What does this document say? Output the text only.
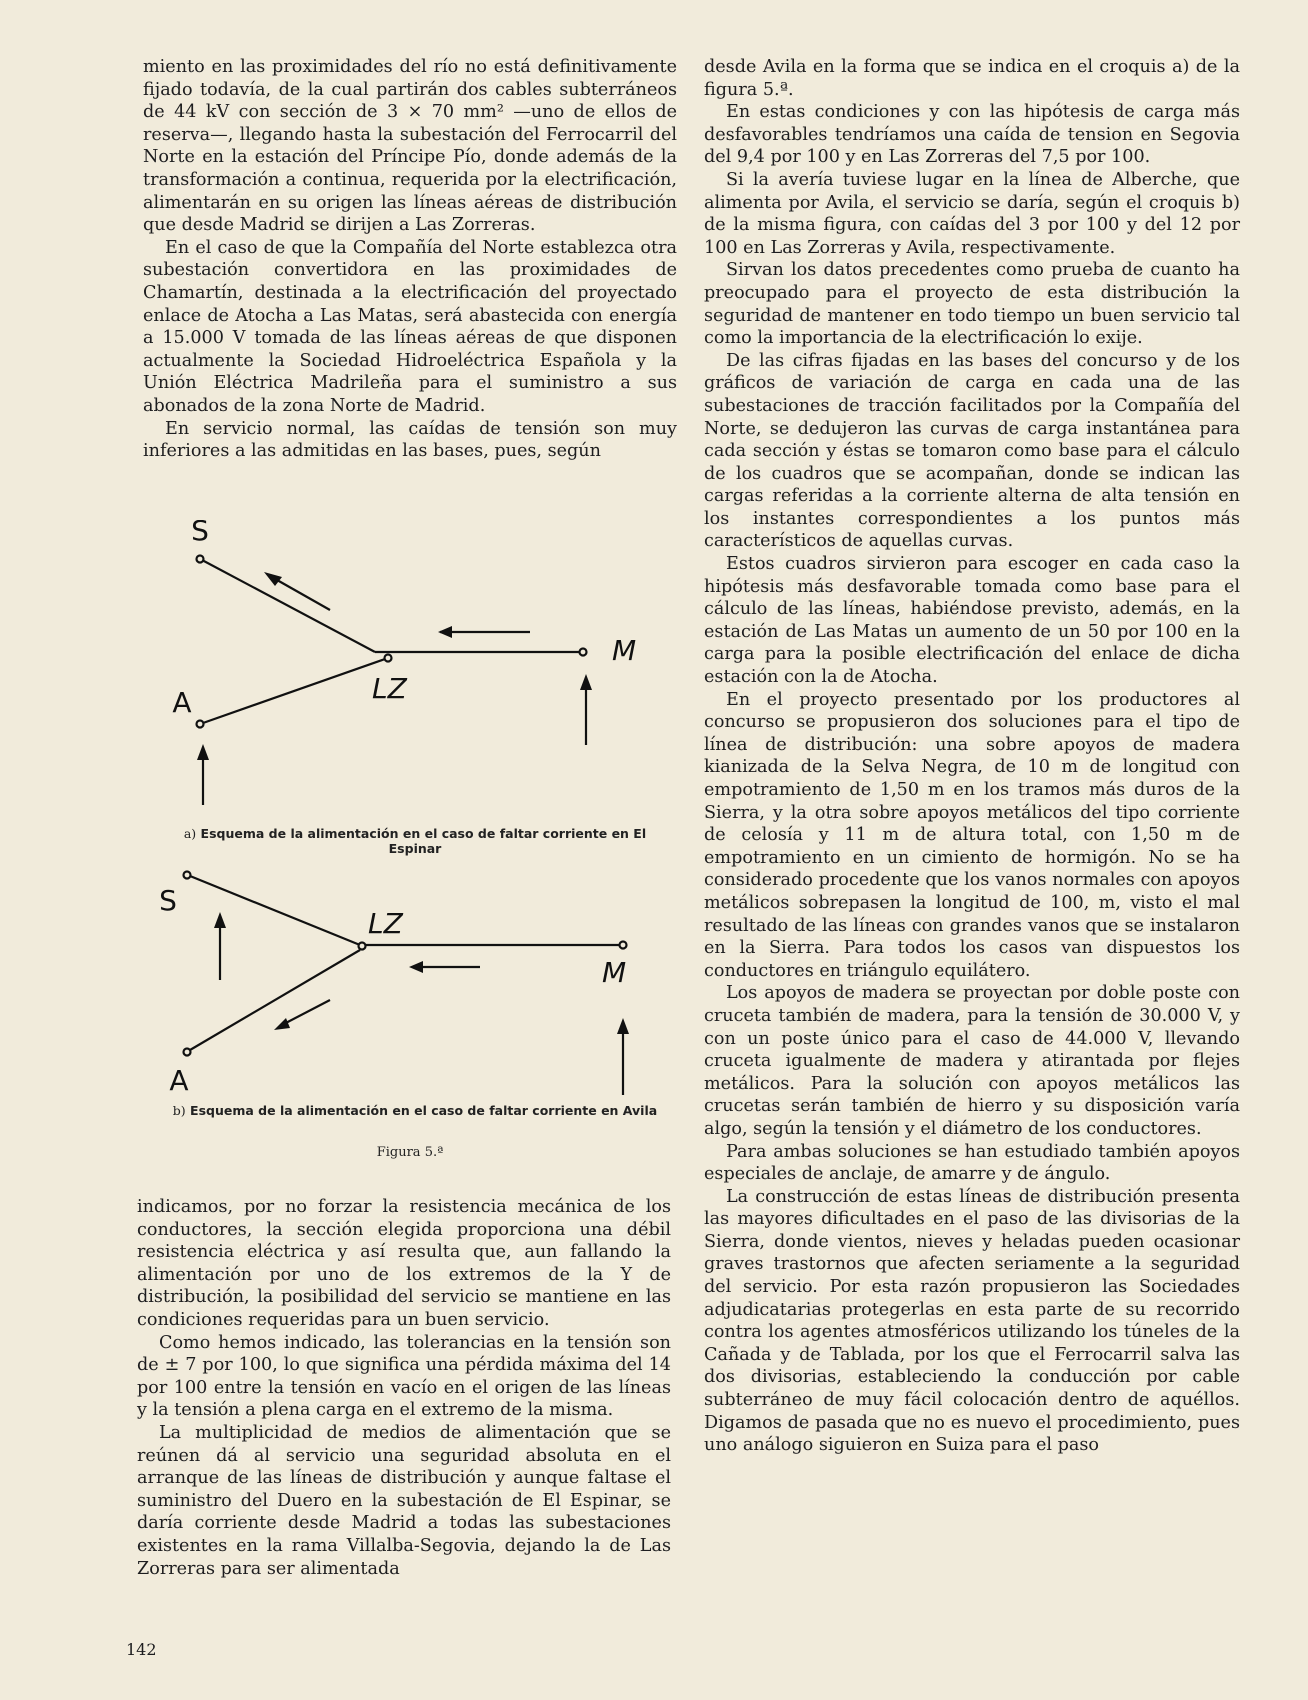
miento en las proximidades del río no está definitivamente fijado todavía, de la cual partirán dos cables subterráneos de 44 kV con sección de 3 × 70 mm² —uno de ellos de reserva—, llegando hasta la subestación del Ferrocarril del Norte en la estación del Príncipe Pío, donde además de la transformación a continua, requerida por la electrificación, alimentarán en su origen las líneas aéreas de distribución que desde Madrid se dirijen a Las Zorreras.

En el caso de que la Compañía del Norte establezca otra subestación convertidora en las proximidades de Chamartín, destinada a la electrificación del proyectado enlace de Atocha a Las Matas, será abastecida con energía a 15.000 V tomada de las líneas aéreas de que disponen actualmente la Sociedad Hidroeléctrica Española y la Unión Eléctrica Madrileña para el suministro a sus abonados de la zona Norte de Madrid.

En servicio normal, las caídas de tensión son muy inferiores a las admitidas en las bases, pues, según

S
M
A	LZ
S
M
A
LZ
a) Esquema de la alimentación en el caso de faltar corriente en El Espinar
b) Esquema de la alimentación en el caso de faltar corriente en Avila
Figura 5.ª

indicamos, por no forzar la resistencia mecánica de los conductores, la sección elegida proporciona una débil resistencia eléctrica y así resulta que, aun fallando la alimentación por uno de los extremos de la Y de distribución, la posibilidad del servicio se mantiene en las condiciones requeridas para un buen servicio.

Como hemos indicado, las tolerancias en la tensión son de ± 7 por 100, lo que significa una pérdida máxima del 14 por 100 entre la tensión en vacío en el origen de las líneas y la tensión a plena carga en el extremo de la misma.

La multiplicidad de medios de alimentación que se reúnen dá al servicio una seguridad absoluta en el arranque de las líneas de distribución y aunque faltase el suministro del Duero en la subestación de El Espinar, se daría corriente desde Madrid a todas las subestaciones existentes en la rama Villalba-Segovia, dejando la de Las Zorreras para ser alimentada

desde Avila en la forma que se indica en el croquis a) de la figura 5.ª.

En estas condiciones y con las hipótesis de carga más desfavorables tendríamos una caída de tension en Segovia del 9,4 por 100 y en Las Zorreras del 7,5 por 100.

Si la avería tuviese lugar en la línea de Alberche, que alimenta por Avila, el servicio se daría, según el croquis b) de la misma figura, con caídas del 3 por 100 y del 12 por 100 en Las Zorreras y Avila, respectivamente.

Sirvan los datos precedentes como prueba de cuanto ha preocupado para el proyecto de esta distribución la seguridad de mantener en todo tiempo un buen servicio tal como la importancia de la electrificación lo exije.

De las cifras fijadas en las bases del concurso y de los gráficos de variación de carga en cada una de las subestaciones de tracción facilitados por la Compañía del Norte, se dedujeron las curvas de carga instantánea para cada sección y éstas se tomaron como base para el cálculo de los cuadros que se acompañan, donde se indican las cargas referidas a la corriente alterna de alta tensión en los instantes correspondientes a los puntos más característicos de aquellas curvas.

Estos cuadros sirvieron para escoger en cada caso la hipótesis más desfavorable tomada como base para el cálculo de las líneas, habiéndose previsto, además, en la estación de Las Matas un aumento de un 50 por 100 en la carga para la posible electrificación del enlace de dicha estación con la de Atocha.

En el proyecto presentado por los productores al concurso se propusieron dos soluciones para el tipo de línea de distribución: una sobre apoyos de madera kianizada de la Selva Negra, de 10 m de longitud con empotramiento de 1,50 m en los tramos más duros de la Sierra, y la otra sobre apoyos metálicos del tipo corriente de celosía y 11 m de altura total, con 1,50 m de empotramiento en un cimiento de hormigón. No se ha considerado procedente que los vanos normales con apoyos metálicos sobrepasen la longitud de 100, m, visto el mal resultado de las líneas con grandes vanos que se instalaron en la Sierra. Para todos los casos van dispuestos los conductores en triángulo equilátero.

Los apoyos de madera se proyectan por doble poste con cruceta también de madera, para la tensión de 30.000 V, y con un poste único para el caso de 44.000 V, llevando cruceta igualmente de madera y atirantada por flejes metálicos. Para la solución con apoyos metálicos las crucetas serán también de hierro y su disposición varía algo, según la tensión y el diámetro de los conductores.

Para ambas soluciones se han estudiado también apoyos especiales de anclaje, de amarre y de ángulo.

La construcción de estas líneas de distribución presenta las mayores dificultades en el paso de las divisorias de la Sierra, donde vientos, nieves y heladas pueden ocasionar graves trastornos que afecten seriamente a la seguridad del servicio. Por esta razón propusieron las Sociedades adjudicatarias protegerlas en esta parte de su recorrido contra los agentes atmosféricos utilizando los túneles de la Cañada y de Tablada, por los que el Ferrocarril salva las dos divisorias, estableciendo la conducción por cable subterráneo de muy fácil colocación dentro de aquéllos. Digamos de pasada que no es nuevo el procedimiento, pues uno análogo siguieron en Suiza para el paso

142
